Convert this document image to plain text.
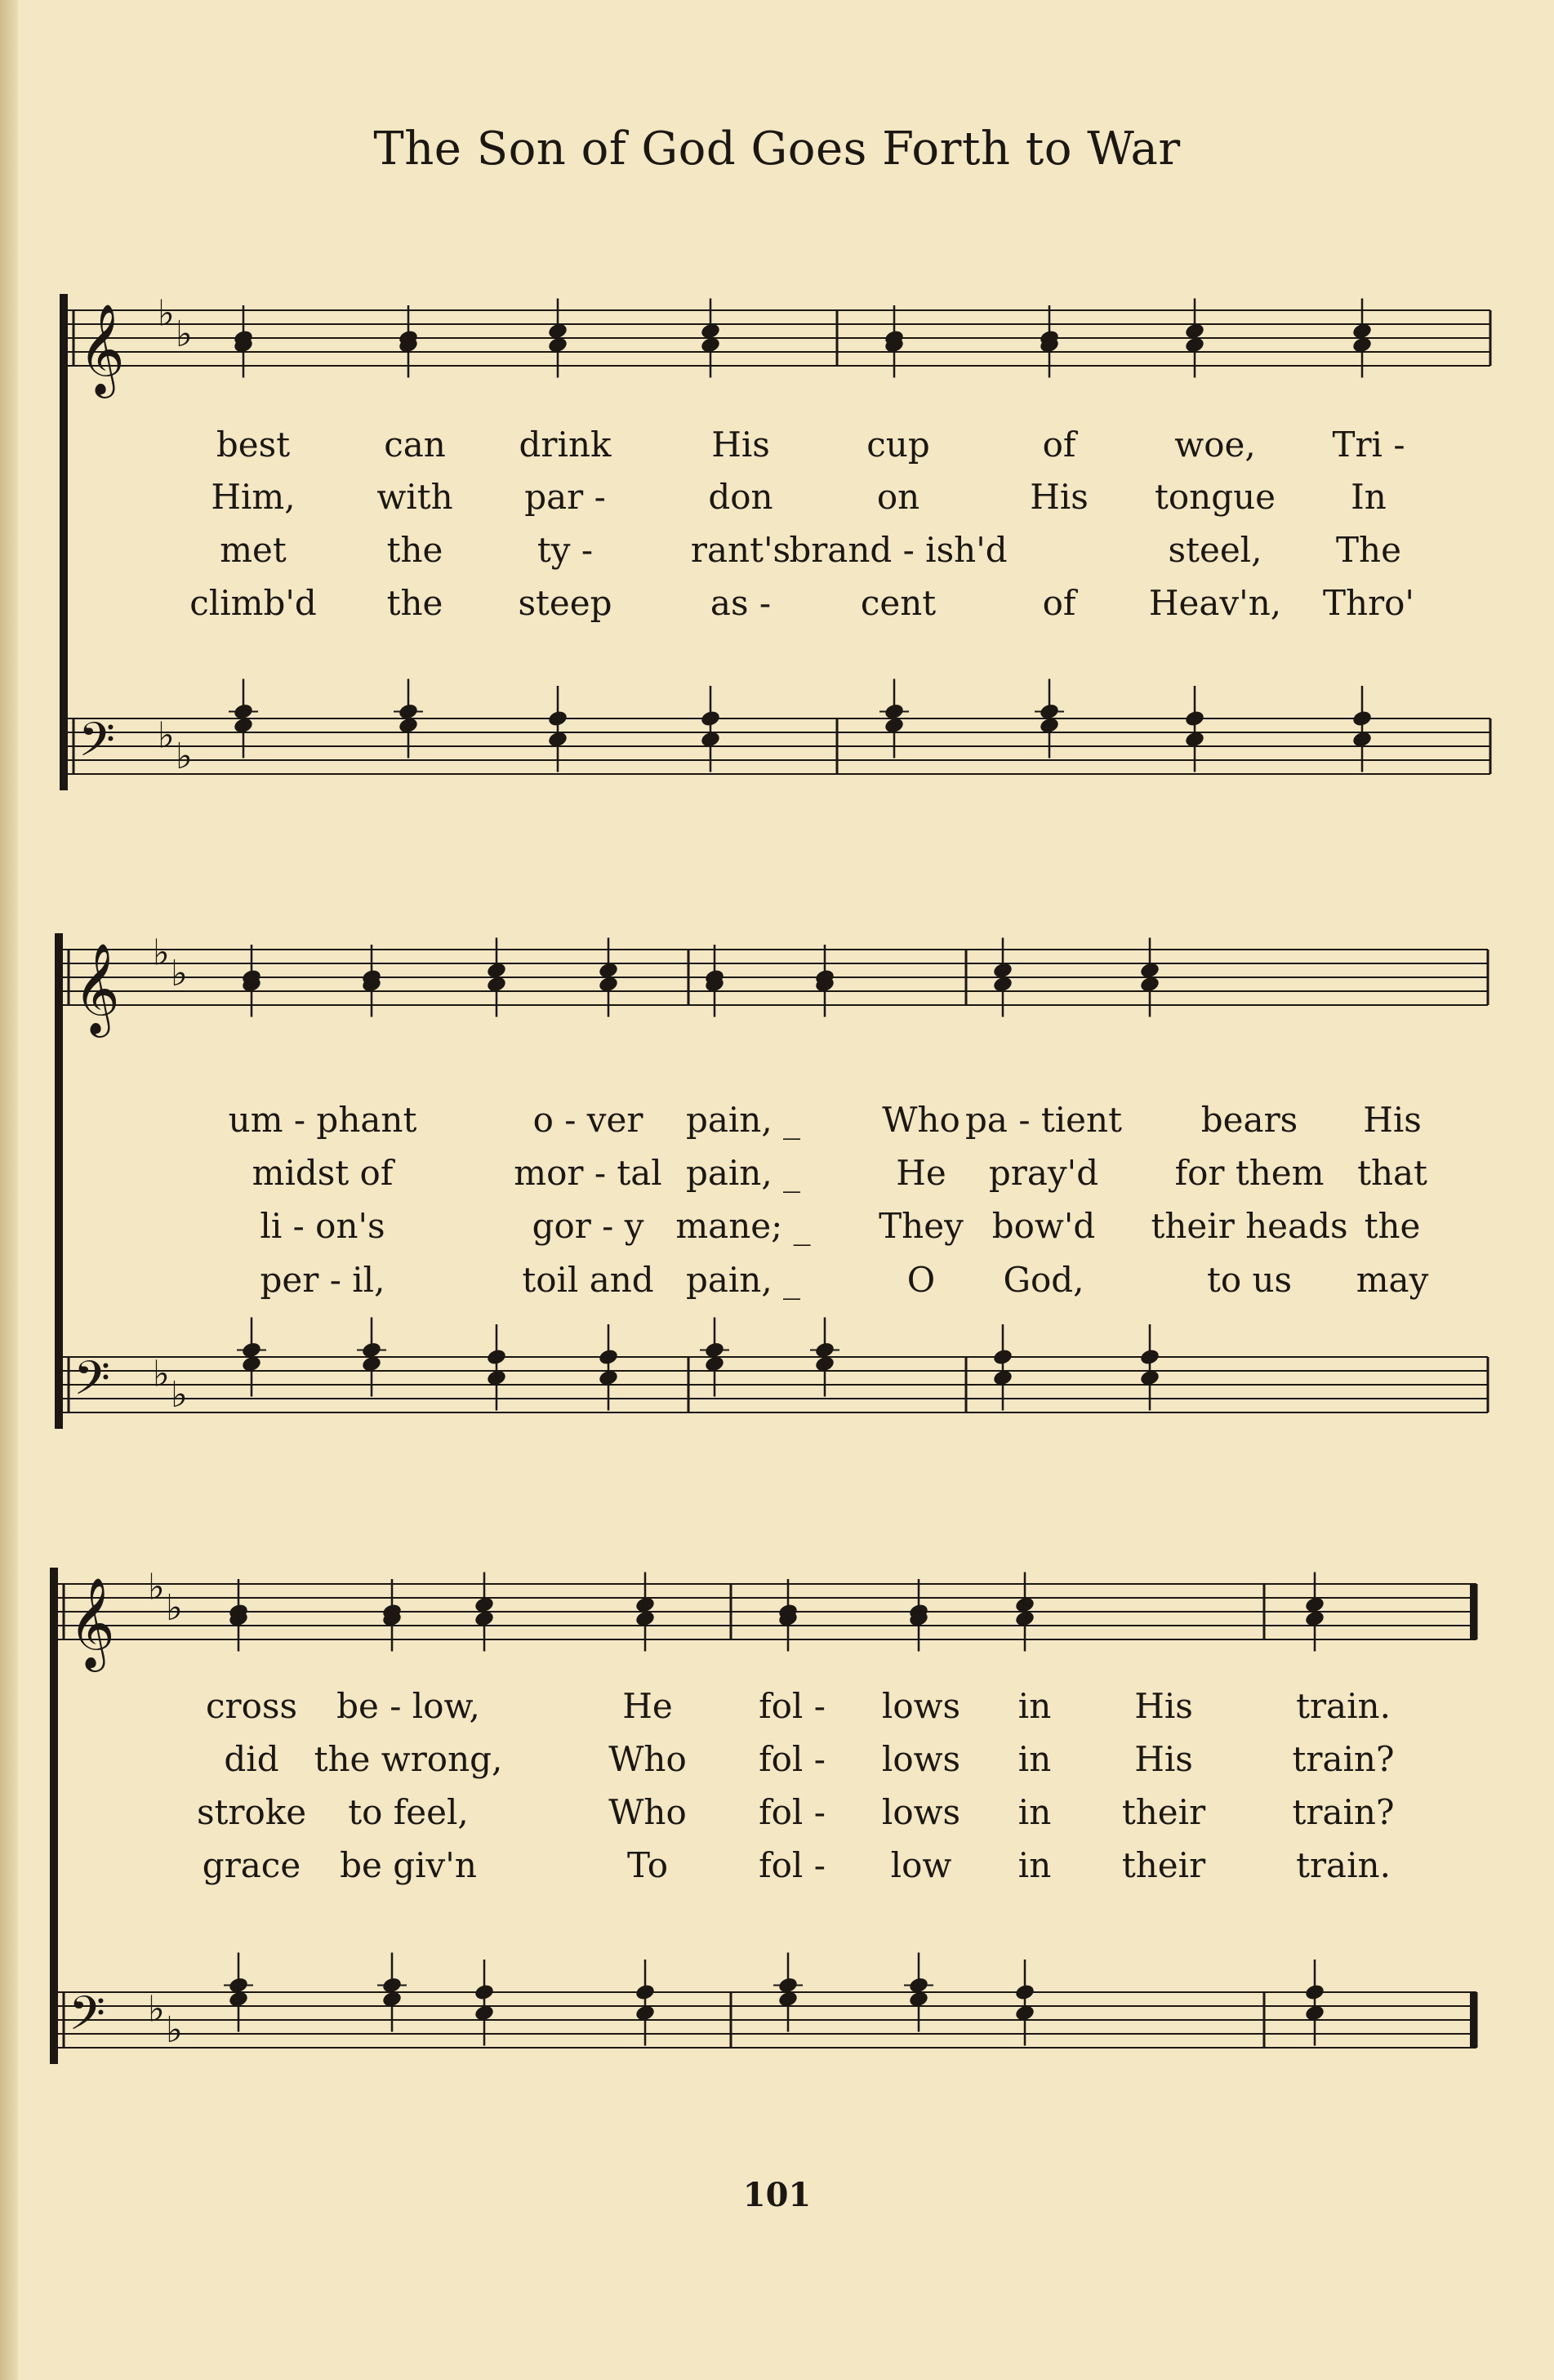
The Son of God Goes Forth to War
𝄞 ♭ ♭
𝄢 ♭ ♭
𝄞 ♭ ♭
𝄢 ♭ ♭
𝄞 ♭ ♭
𝄢 ♭ ♭
best	can drink	His	cup	of	woe, Tri -
Him, with par -	don	on	His tongue In
met	the	ty -	rant's
brand - ish'd	steel, The
climb'd the steep	as -	cent	of Heav'n, Thro'
um - phant	o - ver pain, _ Who pa - tient bears His
midst of	mor - tal pain, _	He pray'd for them that
li - on's	gor - y mane; _ They bow'd their heads the
per - il,	toil and pain, _	O God,	to us may
cross be - low,	He	fol - lows in His	train.
did the wrong,	Who fol - lows in His	train?
stroke to feel,	Who fol - lows in their	train?
grace be giv'n	To	fol - low in their	train.
101
